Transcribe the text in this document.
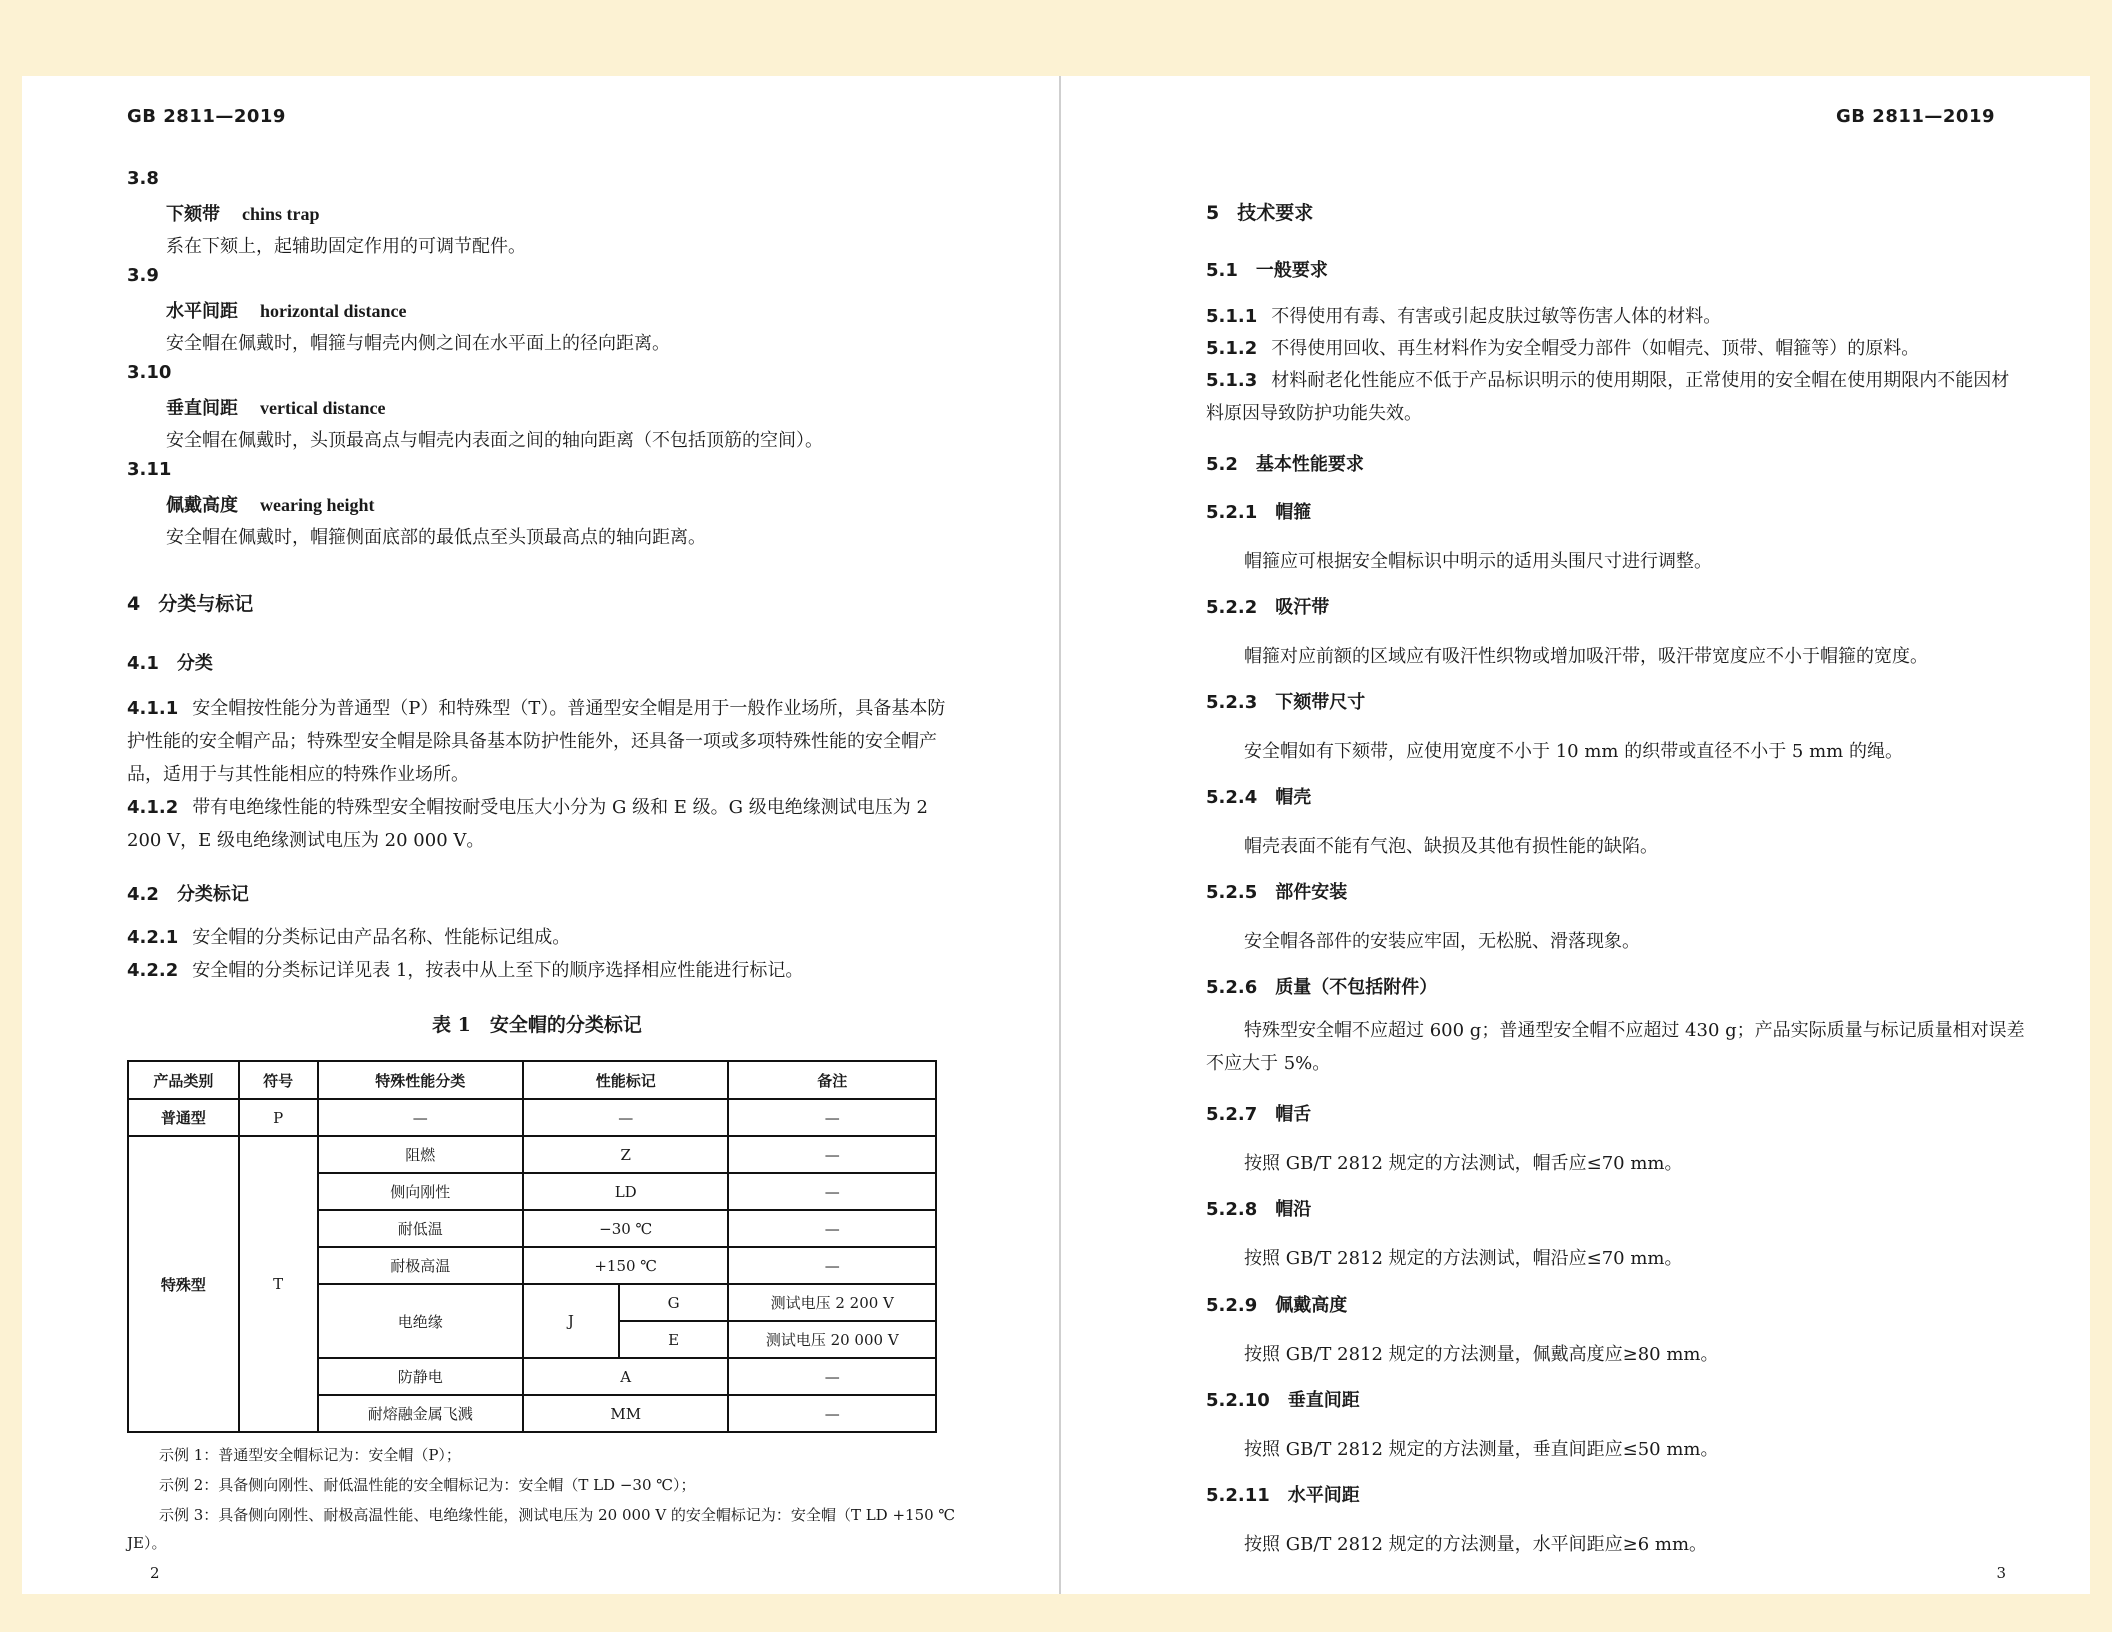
GB 2811—2019
3.8
下颏带 chins trap
系在下颏上，起辅助固定作用的可调节配件。
3.9
水平间距 horizontal distance
安全帽在佩戴时，帽箍与帽壳内侧之间在水平面上的径向距离。
3.10
垂直间距 vertical distance
安全帽在佩戴时，头顶最高点与帽壳内表面之间的轴向距离（不包括顶筋的空间）。
3.11
佩戴高度 wearing height
安全帽在佩戴时，帽箍侧面底部的最低点至头顶最高点的轴向距离。
4 分类与标记
4.1 分类
4.1.1 安全帽按性能分为普通型（P）和特殊型（T）。普通型安全帽是用于一般作业场所，具备基本防护性能的安全帽产品；特殊型安全帽是除具备基本防护性能外，还具备一项或多项特殊性能的安全帽产品，适用于与其性能相应的特殊作业场所。
4.1.2 带有电绝缘性能的特殊型安全帽按耐受电压大小分为 G 级和 E 级。G 级电绝缘测试电压为 2 200 V，E 级电绝缘测试电压为 20 000 V。
4.2 分类标记
4.2.1 安全帽的分类标记由产品名称、性能标记组成。
4.2.2 安全帽的分类标记详见表 1，按表中从上至下的顺序选择相应性能进行标记。
表 1　安全帽的分类标记
产品类别	符号	特殊性能分类	性能标记		备注
普通型	P	—	—		—
特殊型	T	阻燃	Z		—
		侧向刚性	LD		—
		耐低温	−30 ℃		—
		耐极高温	+150 ℃		—
		电绝缘	J	G	测试电压 2 200 V
				E	测试电压 20 000 V
		防静电	A		—
		耐熔融金属飞溅	MM		—
示例 1：普通型安全帽标记为：安全帽（P）；
示例 2：具备侧向刚性、耐低温性能的安全帽标记为：安全帽（T LD −30 ℃）；
示例 3：具备侧向刚性、耐极高温性能、电绝缘性能，测试电压为 20 000 V 的安全帽标记为：安全帽（T LD +150 ℃
JE）。
2
GB 2811—2019
5 技术要求
5.1 一般要求
5.1.1 不得使用有毒、有害或引起皮肤过敏等伤害人体的材料。
5.1.2 不得使用回收、再生材料作为安全帽受力部件（如帽壳、顶带、帽箍等）的原料。
5.1.3 材料耐老化性能应不低于产品标识明示的使用期限，正常使用的安全帽在使用期限内不能因材料原因导致防护功能失效。
5.2 基本性能要求
5.2.1 帽箍
帽箍应可根据安全帽标识中明示的适用头围尺寸进行调整。
5.2.2 吸汗带
帽箍对应前额的区域应有吸汗性织物或增加吸汗带，吸汗带宽度应不小于帽箍的宽度。
5.2.3 下颏带尺寸
安全帽如有下颏带，应使用宽度不小于 10 mm 的织带或直径不小于 5 mm 的绳。
5.2.4 帽壳
帽壳表面不能有气泡、缺损及其他有损性能的缺陷。
5.2.5 部件安装
安全帽各部件的安装应牢固，无松脱、滑落现象。
5.2.6 质量（不包括附件）
特殊型安全帽不应超过 600 g；普通型安全帽不应超过 430 g；产品实际质量与标记质量相对误差不应大于 5%。
5.2.7 帽舌
按照 GB/T 2812 规定的方法测试，帽舌应≤70 mm。
5.2.8 帽沿
按照 GB/T 2812 规定的方法测试，帽沿应≤70 mm。
5.2.9 佩戴高度
按照 GB/T 2812 规定的方法测量，佩戴高度应≥80 mm。
5.2.10 垂直间距
按照 GB/T 2812 规定的方法测量，垂直间距应≤50 mm。
5.2.11 水平间距
按照 GB/T 2812 规定的方法测量，水平间距应≥6 mm。
3
